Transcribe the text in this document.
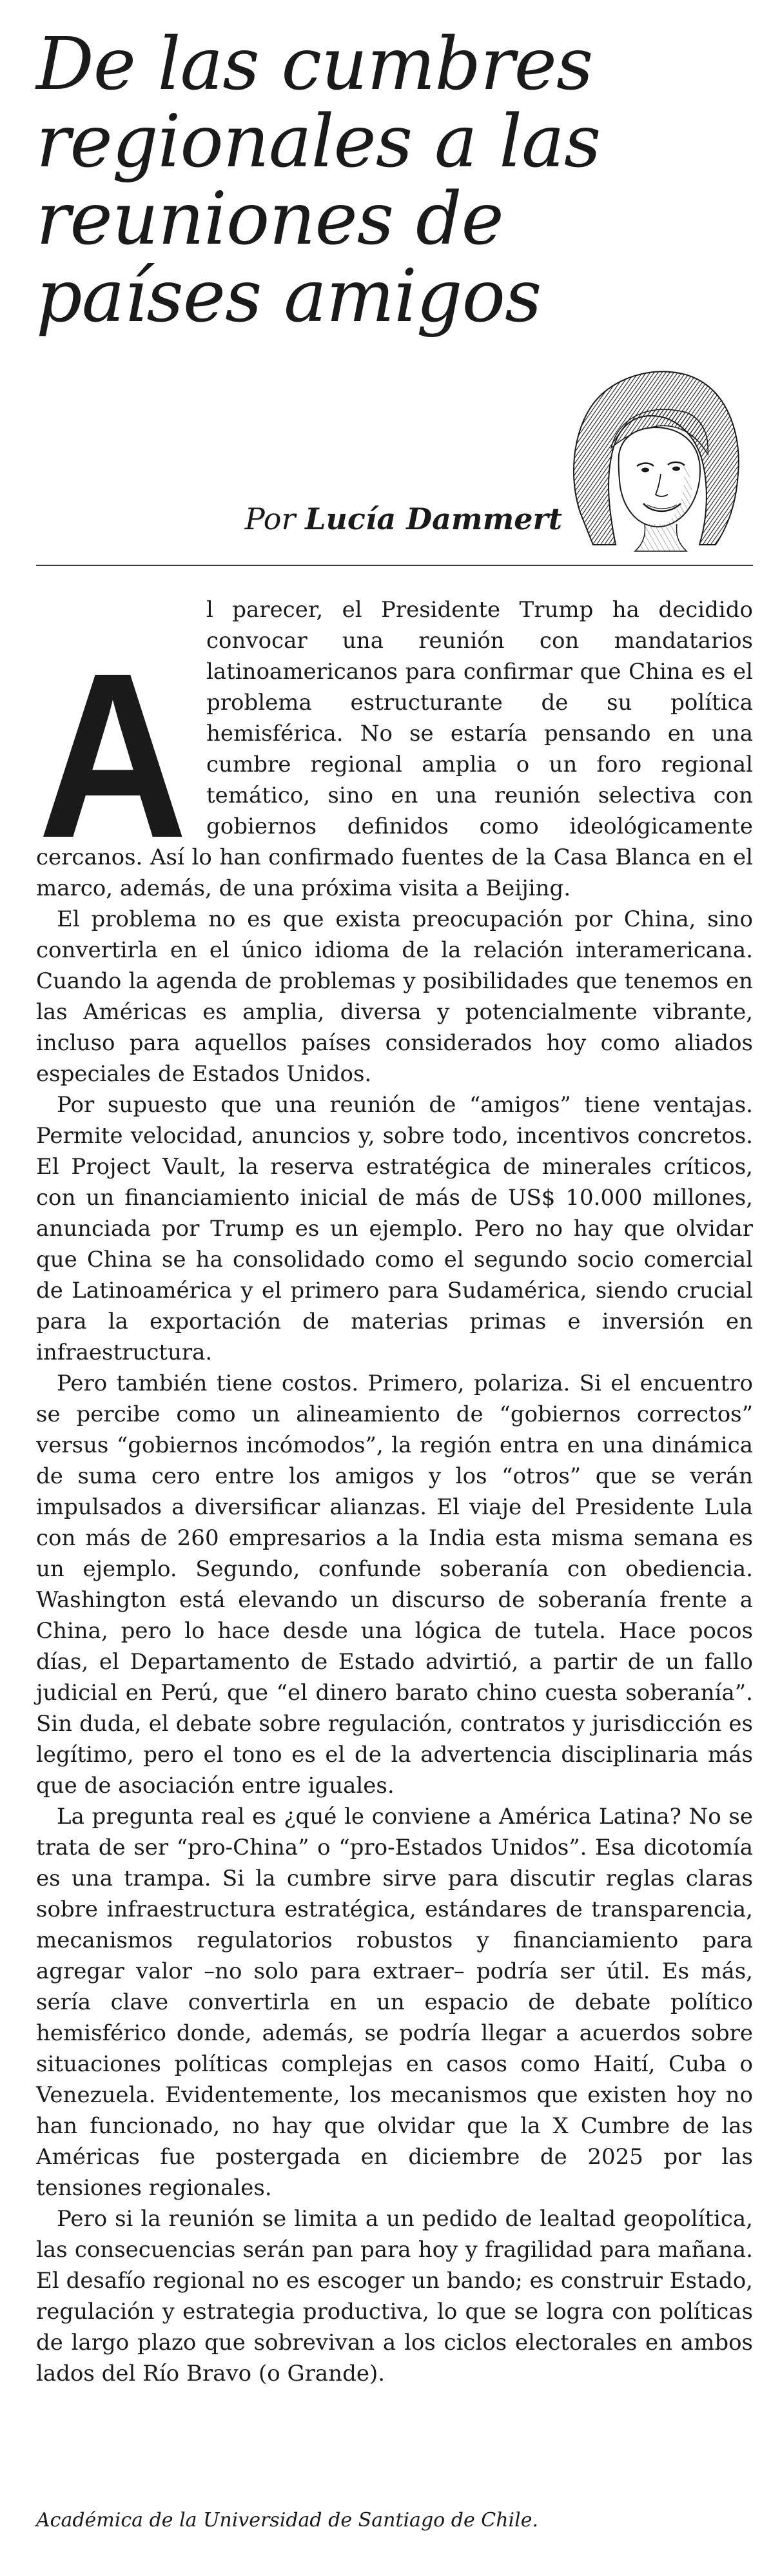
De las cumbres regionales a las reuniones de países amigos
Por Lucía Dammert

A
l parecer, el Presidente Trump ha decidido convocar una reunión con mandatarios latinoamericanos para confirmar que China es el problema estructurante de su política hemisférica. No se estaría pensando en una cumbre regional amplia o un foro regional temático, sino en una reunión selectiva con gobiernos definidos como ideológicamente cercanos. Así lo han confirmado fuentes de la Casa Blanca en el marco, además, de una próxima visita a Beijing.

El problema no es que exista preocupación por China, sino convertirla en el único idioma de la relación interamericana. Cuando la agenda de problemas y posibilidades que tenemos en las Américas es amplia, diversa y potencialmente vibrante, incluso para aquellos países considerados hoy como aliados especiales de Estados Unidos.

Por supuesto que una reunión de “amigos” tiene ventajas. Permite velocidad, anuncios y, sobre todo, incentivos concretos. El Project Vault, la reserva estratégica de minerales críticos, con un financiamiento inicial de más de US$ 10.000 millones, anunciada por Trump es un ejemplo. Pero no hay que olvidar que China se ha consolidado como el segundo socio comercial de Latinoamérica y el primero para Sudamérica, siendo crucial para la exportación de materias primas e inversión en infraestructura.

Pero también tiene costos. Primero, polariza. Si el encuentro se percibe como un alineamiento de “gobiernos correctos” versus “gobiernos incómodos”, la región entra en una dinámica de suma cero entre los amigos y los “otros” que se verán impulsados a diversificar alianzas. El viaje del Presidente Lula con más de 260 empresarios a la India esta misma semana es un ejemplo. Segundo, confunde soberanía con obediencia. Washington está elevando un discurso de soberanía frente a China, pero lo hace desde una lógica de tutela. Hace pocos días, el Departamento de Estado advirtió, a partir de un fallo judicial en Perú, que “el dinero barato chino cuesta soberanía”. Sin duda, el debate sobre regulación, contratos y jurisdicción es legítimo, pero el tono es el de la advertencia disciplinaria más que de asociación entre iguales.

La pregunta real es ¿qué le conviene a América Latina? No se trata de ser “pro-China” o “pro-Estados Unidos”. Esa dicotomía es una trampa. Si la cumbre sirve para discutir reglas claras sobre infraestructura estratégica, estándares de transparencia, mecanismos regulatorios robustos y financiamiento para agregar valor –no solo para extraer– podría ser útil. Es más, sería clave convertirla en un espacio de debate político hemisférico donde, además, se podría llegar a acuerdos sobre situaciones políticas complejas en casos como Haití, Cuba o Venezuela. Evidentemente, los mecanismos que existen hoy no han funcionado, no hay que olvidar que la X Cumbre de las Américas fue postergada en diciembre de 2025 por las tensiones regionales.

Pero si la reunión se limita a un pedido de lealtad geopolítica, las consecuencias serán pan para hoy y fragilidad para mañana. El desafío regional no es escoger un bando; es construir Estado, regulación y estrategia productiva, lo que se logra con políticas de largo plazo que sobrevivan a los ciclos electorales en ambos lados del Río Bravo (o Grande).

Académica de la Universidad de Santiago de Chile.
